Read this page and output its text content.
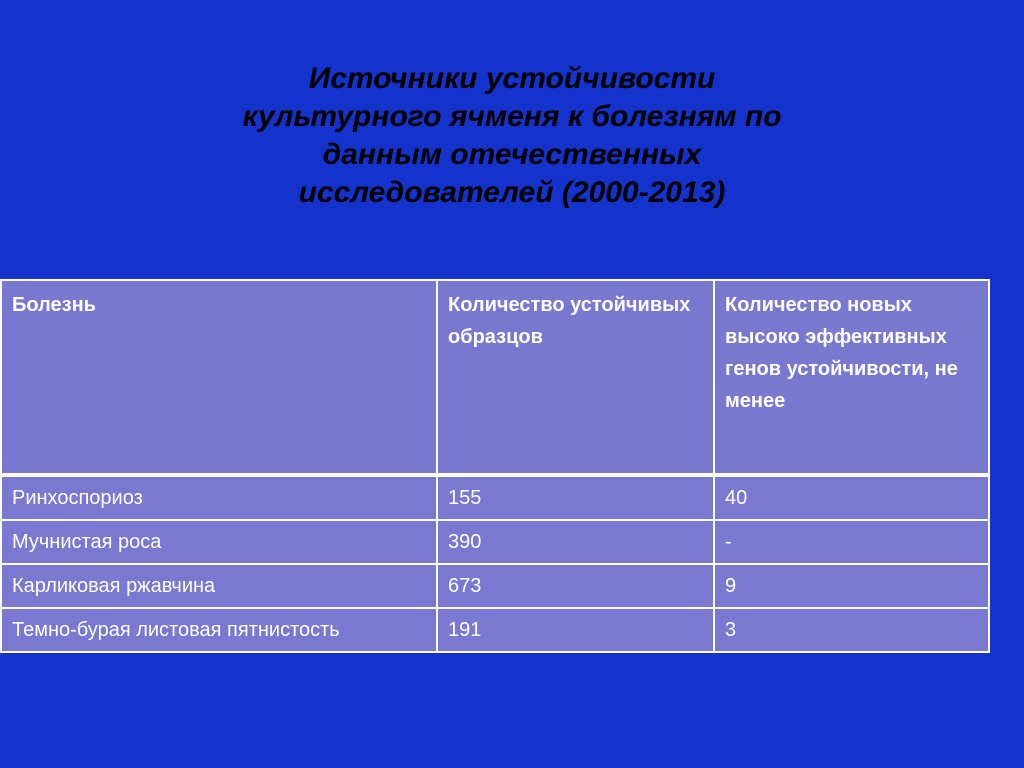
Источники устойчивости
культурного ячменя к болезням по
данным отечественных
исследователей (2000-2013)
Болезнь	Количество устойчивых образцов	Количество новых высоко эффективных генов устойчивости, не менее
Ринхоспориоз	155	40
Мучнистая роса	390	-
Карликовая ржавчина	673	9
Темно-бурая листовая пятнистость	191	3
